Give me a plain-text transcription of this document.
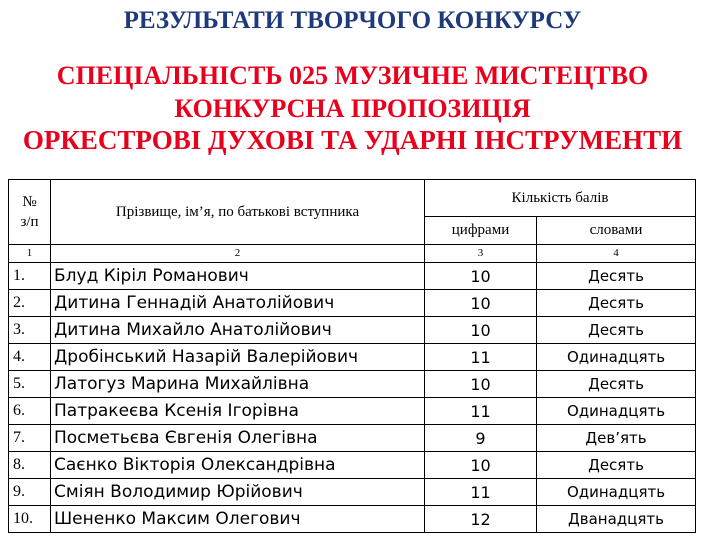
РЕЗУЛЬТАТИ ТВОРЧОГО КОНКУРСУ
СПЕЦІАЛЬНІСТЬ 025 МУЗИЧНЕ МИСТЕЦТВО
КОНКУРСНА ПРОПОЗИЦІЯ
ОРКЕСТРОВІ ДУХОВІ ТА УДАРНІ ІНСТРУМЕНТИ
№
з/п	Прізвище, ім’я, по батькові вступника	Кількість балів	
		цифрами	словами
1	2	3	4
1.	Блуд Кіріл Романович	10	Десять
2.	Дитина Геннадій Анатолійович	10	Десять
3.	Дитина Михайло Анатолійович	10	Десять
4.	Дробінський Назарій Валерійович	11	Одинадцять
5.	Латогуз Марина Михайлівна	10	Десять
6.	Патракеєва Ксенія Ігорівна	11	Одинадцять
7.	Посметьєва Євгенія Олегівна	9	Дев’ять
8.	Саєнко Вікторія Олександрівна	10	Десять
9.	Сміян Володимир Юрійович	11	Одинадцять
10.	Шененко Максим Олегович	12	Дванадцять
